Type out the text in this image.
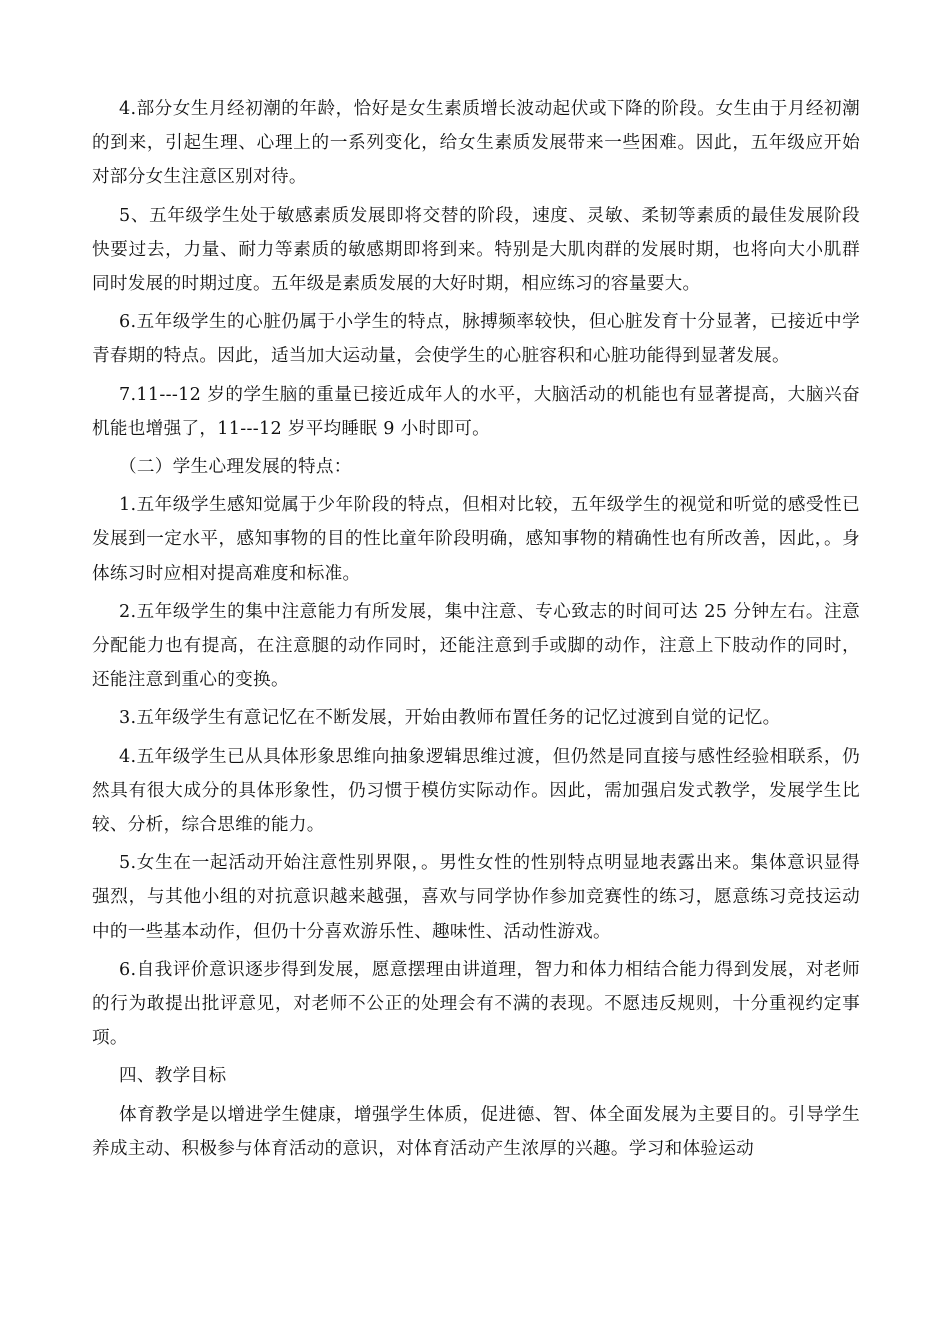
4.部分女生月经初潮的年龄，恰好是女生素质增长波动起伏或下降的阶段。女生由于月经初潮的到来，引起生理、心理上的一系列变化，给女生素质发展带来一些困难。因此，五年级应开始对部分女生注意区别对待。

5、五年级学生处于敏感素质发展即将交替的阶段，速度、灵敏、柔韧等素质的最佳发展阶段快要过去，力量、耐力等素质的敏感期即将到来。特别是大肌肉群的发展时期，也将向大小肌群同时发展的时期过度。五年级是素质发展的大好时期，相应练习的容量要大。

6.五年级学生的心脏仍属于小学生的特点，脉搏频率较快，但心脏发育十分显著，已接近中学青春期的特点。因此，适当加大运动量，会使学生的心脏容积和心脏功能得到显著发展。

7.11---12 岁的学生脑的重量已接近成年人的水平，大脑活动的机能也有显著提高，大脑兴奋机能也增强了，11---12 岁平均睡眠 9 小时即可。

（二）学生心理发展的特点：

1.五年级学生感知觉属于少年阶段的特点，但相对比较，五年级学生的视觉和听觉的感受性已发展到一定水平，感知事物的目的性比童年阶段明确，感知事物的精确性也有所改善，因此，。身体练习时应相对提高难度和标准。

2.五年级学生的集中注意能力有所发展，集中注意、专心致志的时间可达 25 分钟左右。注意分配能力也有提高，在注意腿的动作同时，还能注意到手或脚的动作，注意上下肢动作的同时，还能注意到重心的变换。

3.五年级学生有意记忆在不断发展，开始由教师布置任务的记忆过渡到自觉的记忆。

4.五年级学生已从具体形象思维向抽象逻辑思维过渡，但仍然是同直接与感性经验相联系，仍然具有很大成分的具体形象性，仍习惯于模仿实际动作。因此，需加强启发式教学，发展学生比较、分析，综合思维的能力。

5.女生在一起活动开始注意性别界限，。男性女性的性别特点明显地表露出来。集体意识显得强烈，与其他小组的对抗意识越来越强，喜欢与同学协作参加竞赛性的练习，愿意练习竞技运动中的一些基本动作，但仍十分喜欢游乐性、趣味性、活动性游戏。

6.自我评价意识逐步得到发展，愿意摆理由讲道理，智力和体力相结合能力得到发展，对老师的行为敢提出批评意见，对老师不公正的处理会有不满的表现。不愿违反规则，十分重视约定事项。

四、教学目标

体育教学是以增进学生健康，增强学生体质，促进德、智、体全面发展为主要目的。引导学生养成主动、积极参与体育活动的意识，对体育活动产生浓厚的兴趣。学习和体验运动
